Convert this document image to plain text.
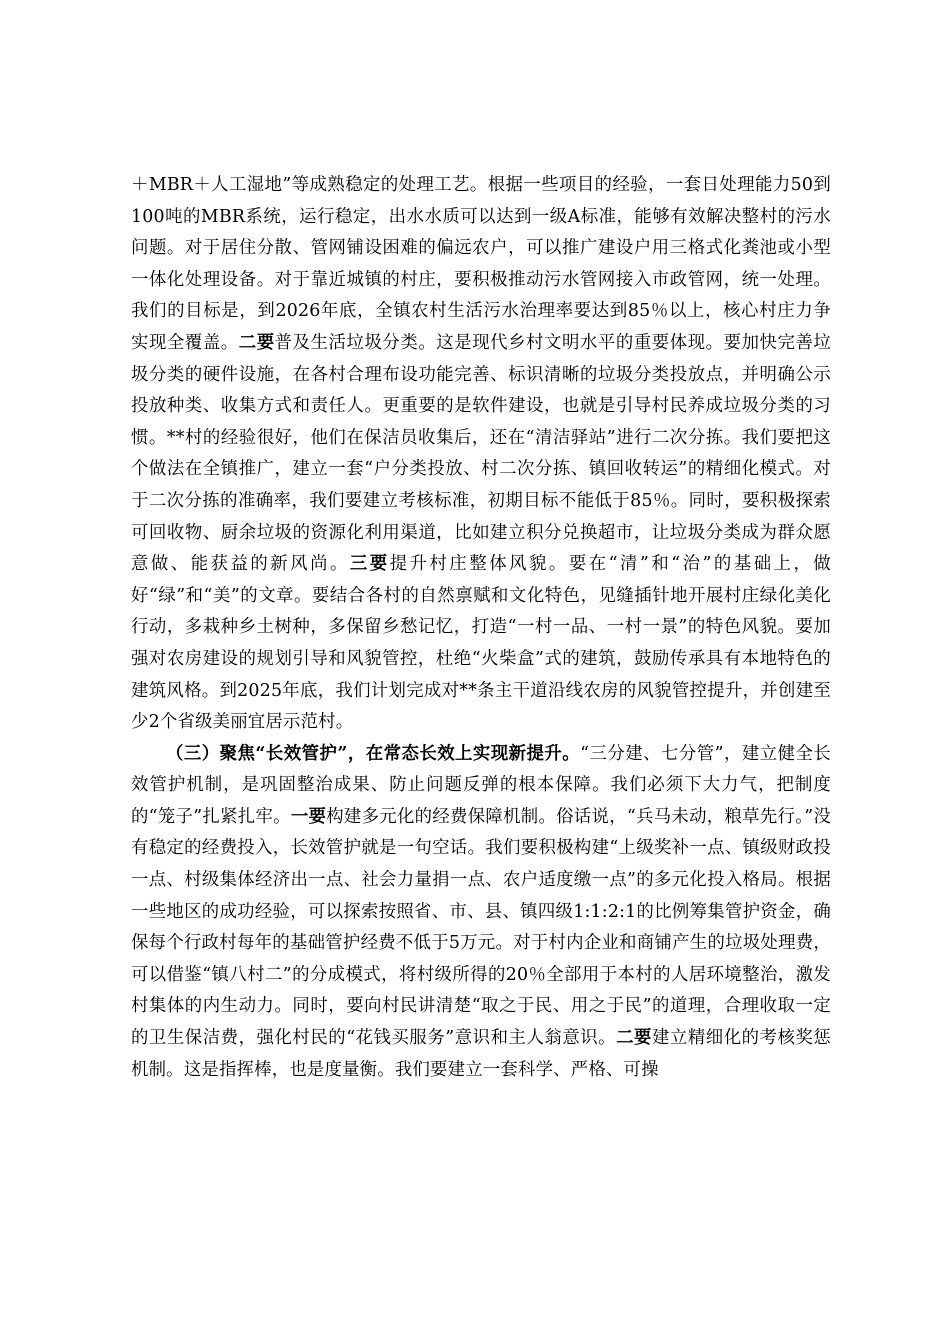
＋MBR＋人工湿地”等成熟稳定的处理工艺。根据一些项目的经验，一套日处理能力50到100吨的MBR系统，运行稳定，出水水质可以达到一级A标准，能够有效解决整村的污水问题。对于居住分散、管网铺设困难的偏远农户，可以推广建设户用三格式化粪池或小型一体化处理设备。对于靠近城镇的村庄，要积极推动污水管网接入市政管网，统一处理。我们的目标是，到2026年底，全镇农村生活污水治理率要达到85％以上，核心村庄力争实现全覆盖。二要普及生活垃圾分类。这是现代乡村文明水平的重要体现。要加快完善垃圾分类的硬件设施，在各村合理布设功能完善、标识清晰的垃圾分类投放点，并明确公示投放种类、收集方式和责任人。更重要的是软件建设，也就是引导村民养成垃圾分类的习惯。**村的经验很好，他们在保洁员收集后，还在“清洁驿站”进行二次分拣。我们要把这个做法在全镇推广，建立一套“户分类投放、村二次分拣、镇回收转运”的精细化模式。对于二次分拣的准确率，我们要建立考核标准，初期目标不能低于85％。同时，要积极探索可回收物、厨余垃圾的资源化利用渠道，比如建立积分兑换超市，让垃圾分类成为群众愿意做、能获益的新风尚。三要提升村庄整体风貌。要在“清”和“治”的基础上，做好“绿”和“美”的文章。要结合各村的自然禀赋和文化特色，见缝插针地开展村庄绿化美化行动，多栽种乡土树种，多保留乡愁记忆，打造“一村一品、一村一景”的特色风貌。要加强对农房建设的规划引导和风貌管控，杜绝“火柴盒”式的建筑，鼓励传承具有本地特色的建筑风格。到2025年底，我们计划完成对**条主干道沿线农房的风貌管控提升，并创建至少2个省级美丽宜居示范村。

（三）聚焦“长效管护”，在常态长效上实现新提升。“三分建、七分管”，建立健全长效管护机制，是巩固整治成果、防止问题反弹的根本保障。我们必须下大力气，把制度的“笼子”扎紧扎牢。一要构建多元化的经费保障机制。俗话说，“兵马未动，粮草先行。”没有稳定的经费投入，长效管护就是一句空话。我们要积极构建“上级奖补一点、镇级财政投一点、村级集体经济出一点、社会力量捐一点、农户适度缴一点”的多元化投入格局。根据一些地区的成功经验，可以探索按照省、市、县、镇四级1:1:2:1的比例筹集管护资金，确保每个行政村每年的基础管护经费不低于5万元。对于村内企业和商铺产生的垃圾处理费，可以借鉴“镇八村二”的分成模式，将村级所得的20％全部用于本村的人居环境整治，激发村集体的内生动力。同时，要向村民讲清楚“取之于民、用之于民”的道理，合理收取一定的卫生保洁费，强化村民的“花钱买服务”意识和主人翁意识。二要建立精细化的考核奖惩机制。这是指挥棒，也是度量衡。我们要建立一套科学、严格、可操
